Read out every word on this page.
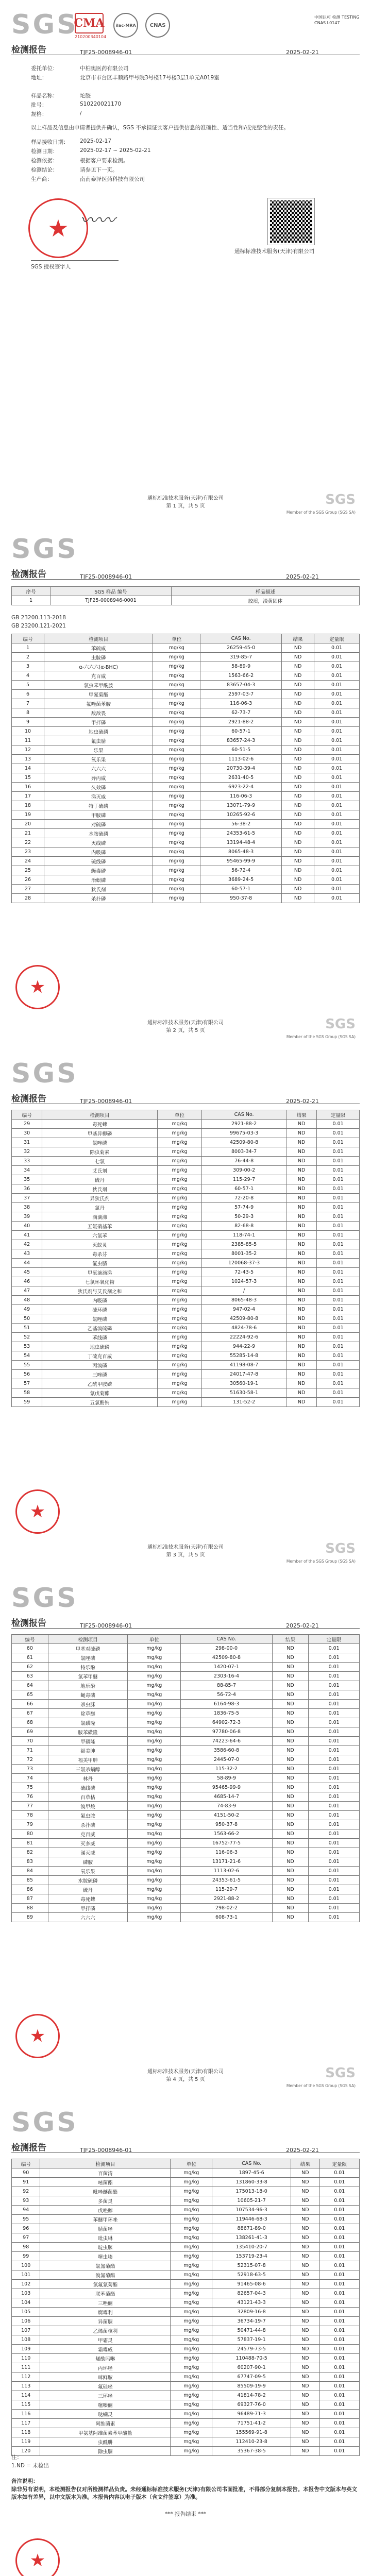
SGS
CMA
210200340104
ilac-MRA	CNAS
中国认可 检测 TESTING CNAS L0147
检测报告	TJF25-0008946-01	2025-02-21
委托单位：	中柏奥医药有限公司
地址：	北京市市台区丰顺路甲号院3号楼17号楼3层1单元A019室
样品名称：	坨胶
批号：	S10220021170
规格：	/
以上样品及信息由申请者提供并确认，SGS 不承担证实客户提供信息的准确性、适当性和/或完整性的责任。
样品接收日期： 2025-02-17
检测日期：	2025-02-17 ~ 2025-02-21
检测依据：	根据客户要求检测。
检测结论：	请参见下一页。
生产商：	南南泰泽医药科技有限公司
★ 〰〰
SGS 授权签字人
通标标准技术服务(天津)有限公司
通标标准技术服务(天津)有限公司
第 1 页，共 5 页	SGS
Member of the SGS Group (SGS SA)
SGS
检测报告	TJF25-0008946-01	2025-02-21
序号	SGS 样品 编号	样品描述
1	TJF25-0008946-0001	胶质，淡黄固体
GB 23200.113-2018
GB 23200.121-2021
编号	检测项目	单位	CAS No.	结果	定量限
1	苯硫威	mg/kg	26259-45-0	ND	0.01
2	虫胺磷	mg/kg	319-85-7	ND	0.01
3	α-六六六(α-BHC)	mg/kg	58-89-9	ND	0.01
4	克百威	mg/kg	1563-66-2	ND	0.01
5	氯虫苯甲酰胺	mg/kg	83657-04-3	ND	0.01
6	甲氰菊酯	mg/kg	2597-03-7	ND	0.01
7	氟唑菌苯胺	mg/kg	116-06-3	ND	0.01
8	敌敌畏	mg/kg	62-73-7	ND	0.01
9	甲拌磷	mg/kg	2921-88-2	ND	0.01
10	地虫硫磷	mg/kg	60-57-1	ND	0.01
11	氟虫腈	mg/kg	83657-24-3	ND	0.01
12	乐果	mg/kg	60-51-5	ND	0.01
13	氧乐果	mg/kg	1113-02-6	ND	0.01
14	六六六	mg/kg	20730-39-4	ND	0.01
15	异丙威	mg/kg	2631-40-5	ND	0.01
16	久效磷	mg/kg	6923-22-4	ND	0.01
17	涕灭威	mg/kg	116-06-3	ND	0.01
18	特丁硫磷	mg/kg	13071-79-9	ND	0.01
19	甲胺磷	mg/kg	10265-92-6	ND	0.01
20	对硫磷	mg/kg	56-38-2	ND	0.01
21	水胺硫磷	mg/kg	24353-61-5	ND	0.01
22	灭线磷	mg/kg	13194-48-4	ND	0.01
23	内吸磷	mg/kg	8065-48-3	ND	0.01
24	硫线磷	mg/kg	95465-99-9	ND	0.01
25	蝇毒磷	mg/kg	56-72-4	ND	0.01
26	治螟磷	mg/kg	3689-24-5	ND	0.01
27	狄氏剂	mg/kg	60-57-1	ND	0.01
28	杀扑磷	mg/kg	950-37-8	ND	0.01
★
通标标准技术服务(天津)有限公司
第 2 页，共 5 页	SGS
Member of the SGS Group (SGS SA)
SGS
检测报告	TJF25-0008946-01	2025-02-21
编号	检测项目	单位	CAS No.	结果	定量限
29	毒死蜱	mg/kg	2921-88-2	ND	0.01
30	甲基异柳磷	mg/kg	99675-03-3	ND	0.01
31	氯唑磷	mg/kg	42509-80-8	ND	0.01
32	除虫菊素	mg/kg	8003-34-7	ND	0.01
33	七氯	mg/kg	76-44-8	ND	0.01
34	艾氏剂	mg/kg	309-00-2	ND	0.01
35	硫丹	mg/kg	115-29-7	ND	0.01
36	狄氏剂	mg/kg	60-57-1	ND	0.01
37	异狄氏剂	mg/kg	72-20-8	ND	0.01
38	氯丹	mg/kg	57-74-9	ND	0.01
39	滴滴涕	mg/kg	50-29-3	ND	0.01
40	五氯硝基苯	mg/kg	82-68-8	ND	0.01
41	六氯苯	mg/kg	118-74-1	ND	0.01
42	灭蚁灵	mg/kg	2385-85-5	ND	0.01
43	毒杀芬	mg/kg	8001-35-2	ND	0.01
44	氟虫腈	mg/kg	120068-37-3	ND	0.01
45	甲氧滴滴涕	mg/kg	72-43-5	ND	0.01
46	七氯环氧化物	mg/kg	1024-57-3	ND	0.01
47	狄氏剂与艾氏剂之和	mg/kg	/	ND	0.01
48	内吸磷	mg/kg	8065-48-3	ND	0.01
49	硫环磷	mg/kg	947-02-4	ND	0.01
50	氯唑磷	mg/kg	42509-80-8	ND	0.01
51	乙基溴硫磷	mg/kg	4824-78-6	ND	0.01
52	苯线磷	mg/kg	22224-92-6	ND	0.01
53	地虫硫磷	mg/kg	944-22-9	ND	0.01
54	丁硫克百威	mg/kg	55285-14-8	ND	0.01
55	丙溴磷	mg/kg	41198-08-7	ND	0.01
56	三唑磷	mg/kg	24017-47-8	ND	0.01
57	乙酰甲胺磷	mg/kg	30560-19-1	ND	0.01
58	氰戊菊酯	mg/kg	51630-58-1	ND	0.01
59	五氯酚钠	mg/kg	131-52-2	ND	0.01
★
通标标准技术服务(天津)有限公司
第 3 页，共 5 页	SGS
Member of the SGS Group (SGS SA)
SGS
检测报告	TJF25-0008946-01	2025-02-21
编号	检测项目	单位	CAS No.	结果	定量限
60	甲基对硫磷	mg/kg	298-00-0	ND	0.01
61	氯唑磷	mg/kg	42509-80-8	ND	0.01
62	特乐酚	mg/kg	1420-07-1	ND	0.01
63	氯苯甲醚	mg/kg	2303-16-4	ND	0.01
64	地乐酚	mg/kg	88-85-7	ND	0.01
65	蝇毒磷	mg/kg	56-72-4	ND	0.01
66	杀虫脒	mg/kg	6164-98-3	ND	0.01
67	除草醚	mg/kg	1836-75-5	ND	0.01
68	氯磺隆	mg/kg	64902-72-3	ND	0.01
69	胺苯磺隆	mg/kg	97780-06-8	ND	0.01
70	甲磺隆	mg/kg	74223-64-6	ND	0.01
71	福美胂	mg/kg	3586-60-8	ND	0.01
72	福美甲胂	mg/kg	2445-07-0	ND	0.01
73	三氯杀螨醇	mg/kg	115-32-2	ND	0.01
74	林丹	mg/kg	58-89-9	ND	0.01
75	硫线磷	mg/kg	95465-99-9	ND	0.01
76	百草枯	mg/kg	4685-14-7	ND	0.01
77	溴甲烷	mg/kg	74-83-9	ND	0.01
78	氟虫胺	mg/kg	4151-50-2	ND	0.01
79	杀扑磷	mg/kg	950-37-8	ND	0.01
80	克百威	mg/kg	1563-66-2	ND	0.01
81	灭多威	mg/kg	16752-77-5	ND	0.01
82	涕灭威	mg/kg	116-06-3	ND	0.01
83	磷胺	mg/kg	13171-21-6	ND	0.01
84	氧乐果	mg/kg	1113-02-6	ND	0.01
85	水胺硫磷	mg/kg	24353-61-5	ND	0.01
86	硫丹	mg/kg	115-29-7	ND	0.01
87	毒死蜱	mg/kg	2921-88-2	ND	0.01
88	甲拌磷	mg/kg	298-02-2	ND	0.01
89	六六六	mg/kg	608-73-1	ND	0.01
★
通标标准技术服务(天津)有限公司
第 4 页，共 5 页	SGS
Member of the SGS Group (SGS SA)
SGS
检测报告	TJF25-0008946-01	2025-02-21
编号	检测项目	单位	CAS No.	结果	定量限
90	百菌清	mg/kg	1897-45-6	ND	0.01
91	嘧菌酯	mg/kg	131860-33-8	ND	0.01
92	吡唑醚菌酯	mg/kg	175013-18-0	ND	0.01
93	多菌灵	mg/kg	10605-21-7	ND	0.01
94	戊唑醇	mg/kg	107534-96-3	ND	0.01
95	苯醚甲环唑	mg/kg	119446-68-3	ND	0.01
96	腈菌唑	mg/kg	88671-89-0	ND	0.01
97	吡虫啉	mg/kg	138261-41-3	ND	0.01
98	啶虫脒	mg/kg	135410-20-7	ND	0.01
99	噻虫嗪	mg/kg	153719-23-4	ND	0.01
100	氯氰菊酯	mg/kg	52315-07-8	ND	0.01
101	溴氰菊酯	mg/kg	52918-63-5	ND	0.01
102	氯氟氰菊酯	mg/kg	91465-08-6	ND	0.01
103	联苯菊酯	mg/kg	82657-04-3	ND	0.01
104	三唑酮	mg/kg	43121-43-3	ND	0.01
105	腐霉利	mg/kg	32809-16-8	ND	0.01
106	异菌脲	mg/kg	36734-19-7	ND	0.01
107	乙烯菌核利	mg/kg	50471-44-8	ND	0.01
108	甲霜灵	mg/kg	57837-19-1	ND	0.01
109	霜霉威	mg/kg	24579-73-5	ND	0.01
110	烯酰吗啉	mg/kg	110488-70-5	ND	0.01
111	丙环唑	mg/kg	60207-90-1	ND	0.01
112	咪鲜胺	mg/kg	67747-09-5	ND	0.01
113	氟硅唑	mg/kg	85509-19-9	ND	0.01
114	三环唑	mg/kg	41814-78-2	ND	0.01
115	噻嗪酮	mg/kg	69327-76-0	ND	0.01
116	哒螨灵	mg/kg	96489-71-3	ND	0.01
117	阿维菌素	mg/kg	71751-41-2	ND	0.01
118	甲氨基阿维菌素苯甲酸盐	mg/kg	155569-91-8	ND	0.01
119	虫酰肼	mg/kg	112410-23-8	ND	0.01
120	除虫脲	mg/kg	35367-38-5	ND	0.01
注：
1.ND = 未检出
备注说明：
除非另有说明，本检测报告仅对所检测样品负责。未经通标标准技术服务(天津)有限公司书面批准，不得部分复制本报告。本报告中文版本与英文版本如有差异，以中文版本为准。本报告内容以电子版本（含文件签章）为准。
*** 报告结束 ***
★
